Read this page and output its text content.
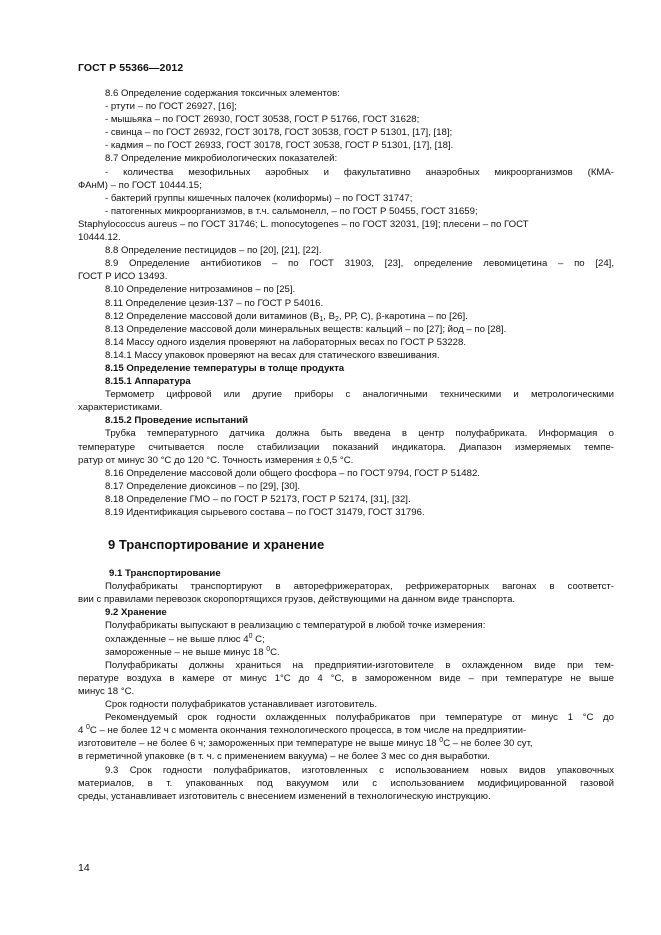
ГОСТ Р 55366—2012
8.6 Определение содержания токсичных элементов:
- ртути – по ГОСТ 26927, [16];
- мышьяка – по ГОСТ 26930, ГОСТ 30538, ГОСТ Р 51766, ГОСТ 31628;
- свинца – по ГОСТ 26932, ГОСТ 30178, ГОСТ 30538, ГОСТ Р 51301, [17], [18];
- кадмия – по ГОСТ 26933, ГОСТ 30178, ГОСТ 30538, ГОСТ Р 51301, [17], [18].
8.7 Определение микробиологических показателей:
- количества мезофильных аэробных и факультативно анаэробных микроорганизмов (КМА-
ФАнМ) – по ГОСТ 10444.15;
- бактерий группы кишечных палочек (колиформы) – по ГОСТ 31747;
- патогенных микроорганизмов, в т.ч. сальмонелл, – по ГОСТ Р 50455, ГОСТ 31659;
Staphylococcus aureus – по ГОСТ 31746; L. monocytogenes – по ГОСТ 32031, [19]; плесени – по ГОСТ
10444.12.
8.8 Определение пестицидов – по [20], [21], [22].
8.9 Определение антибиотиков – по ГОСТ 31903, [23], определение левомицетина – по [24],
ГОСТ Р ИСО 13493.
8.10 Определение нитрозаминов – по [25].
8.11 Определение цезия-137 – по ГОСТ Р 54016.
8.12 Определение массовой доли витаминов ($В_1$, $В_2$, РР, С), β-каротина – по [26].
8.13 Определение массовой доли минеральных веществ: кальций – по [27]; йод – по [28].
8.14 Массу одного изделия проверяют на лабораторных весах по ГОСТ Р 53228.
8.14.1 Массу упаковок проверяют на весах для статического взвешивания.
8.15 Определение температуры в толще продукта
8.15.1 Аппаратура
Термометр цифровой или другие приборы с аналогичными техническими и метрологическими
характеристиками.
8.15.2 Проведение испытаний
Трубка температурного датчика должна быть введена в центр полуфабриката. Информация о
температуре считывается после стабилизации показаний индикатора. Диапазон измеряемых темпе-
ратур от минус 30 °С до 120 °С. Точность измерения ± 0,5 °С.
8.16 Определение массовой доли общего фосфора – по ГОСТ 9794, ГОСТ Р 51482.
8.17 Определение диоксинов – по [29], [30].
8.18 Определение ГМО – по ГОСТ Р 52173, ГОСТ Р 52174, [31], [32].
8.19 Идентификация сырьевого состава – по ГОСТ 31479, ГОСТ 31796.
9 Транспортирование и хранение
9.1 Транспортирование
Полуфабрикаты транспортируют в авторефрижераторах, рефрижераторных вагонах в соответст-
вии с правилами перевозок скоропортящихся грузов, действующими на данном виде транспорта.
9.2 Хранение
Полуфабрикаты выпускают в реализацию с температурой в любой точке измерения:
охлажденные – не выше плюс $4^0$ С;
замороженные – не выше минус 18 $^0$С.
Полуфабрикаты должны храниться на предприятии-изготовителе в охлажденном виде при тем-
пературе воздуха в камере от минус 1°С до 4 °С, в замороженном виде – при температуре не выше
минус 18 °С.
Срок годности полуфабрикатов устанавливает изготовитель.
Рекомендуемый срок годности охлажденных полуфабрикатов при температуре от минус 1 °С до
4 $^0$С – не более 12 ч с момента окончания технологического процесса, в том числе на предприятии-
изготовителе – не более 6 ч; замороженных при температуре не выше минус 18 $^0$С – не более 30 сут,
в герметичной упаковке (в т. ч. с применением вакуума) – не более 3 мес со дня выработки.
9.3 Срок годности полуфабрикатов, изготовленных с использованием новых видов упаковочных
материалов, в т. упакованных под вакуумом или с использованием модифицированной газовой
среды, устанавливает изготовитель с внесением изменений в технологическую инструкцию.
14
